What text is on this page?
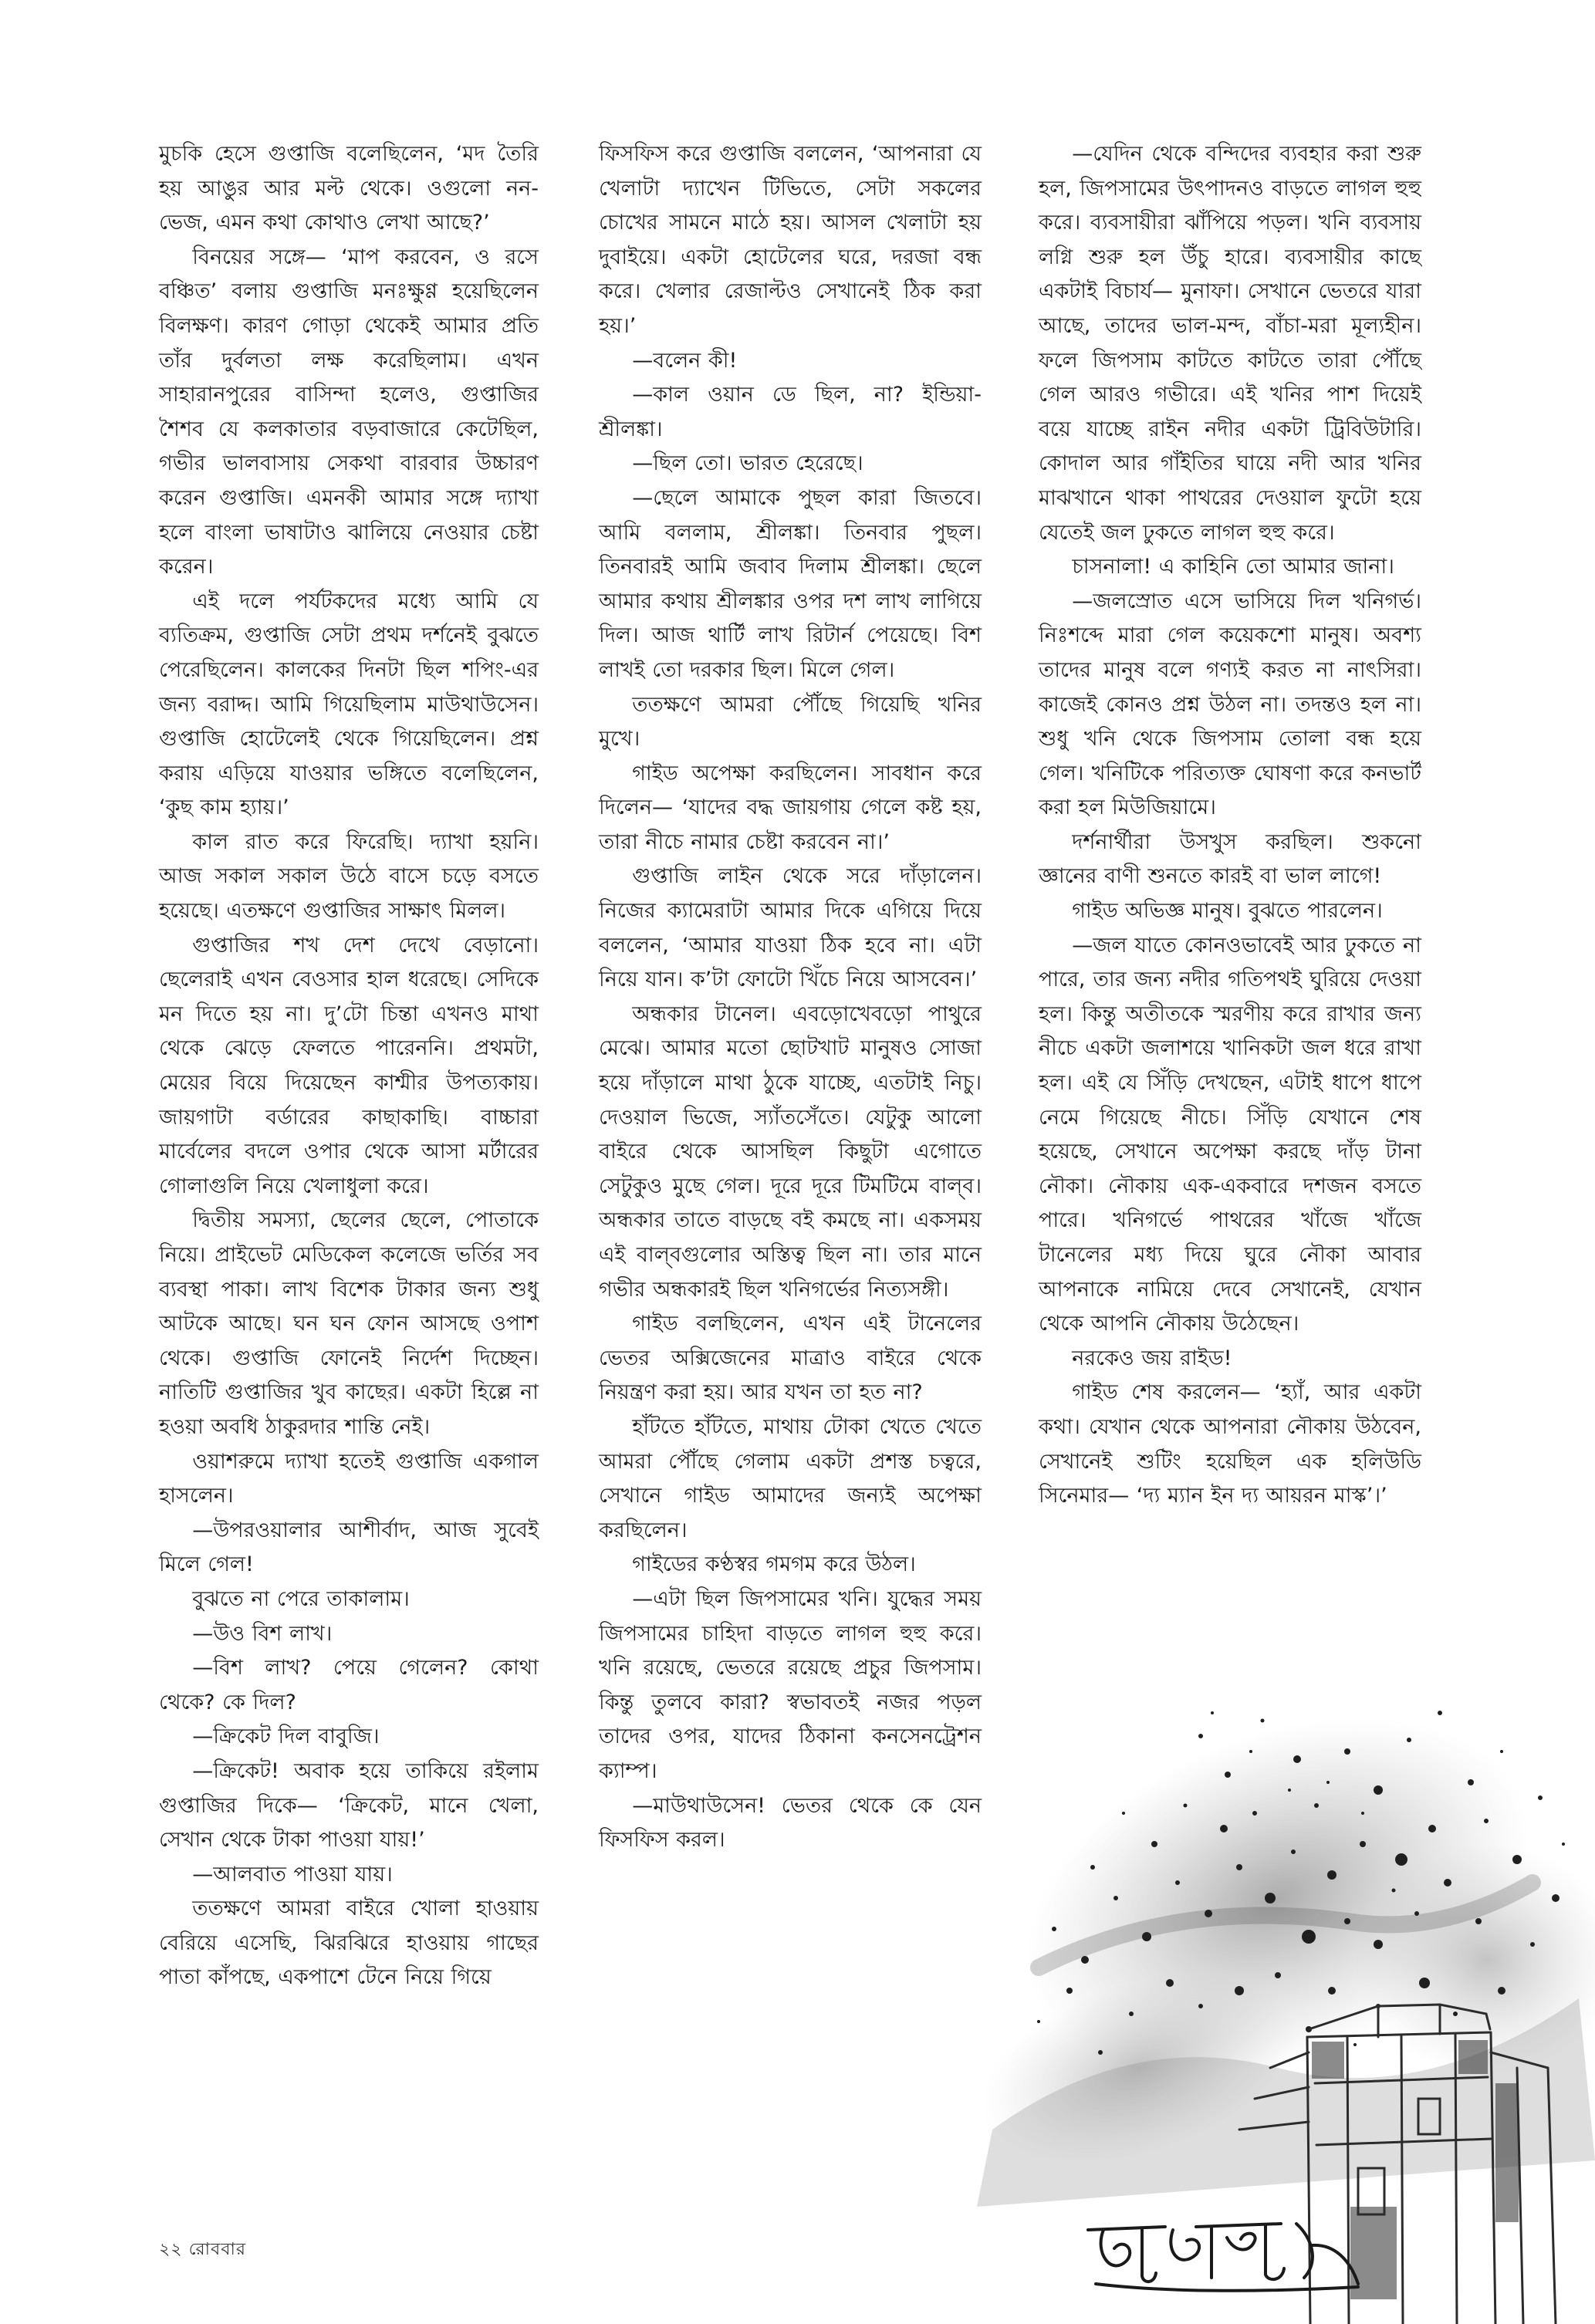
মুচকি হেসে গুপ্তাজি বলেছিলেন, ‘মদ তৈরি হয় আঙুর আর মল্ট থেকে। ওগুলো নন-ভেজ, এমন কথা কোথাও লেখা আছে?’

বিনয়ের সঙ্গে— ‘মাপ করবেন, ও রসে বঞ্চিত’ বলায় গুপ্তাজি মনঃক্ষুণ্ণ হয়েছিলেন বিলক্ষণ। কারণ গোড়া থেকেই আমার প্রতি তাঁর দুর্বলতা লক্ষ করেছিলাম। এখন সাহারানপুরের বাসিন্দা হলেও, গুপ্তাজির শৈশব যে কলকাতার বড়বাজারে কেটেছিল, গভীর ভালবাসায় সেকথা বারবার উচ্চারণ করেন গুপ্তাজি। এমনকী আমার সঙ্গে দ্যাখা হলে বাংলা ভাষাটাও ঝালিয়ে নেওয়ার চেষ্টা করেন।

এই দলে পর্যটকদের মধ্যে আমি যে ব্যতিক্রম, গুপ্তাজি সেটা প্রথম দর্শনেই বুঝতে পেরেছিলেন। কালকের দিনটা ছিল শপিং-এর জন্য বরাদ্দ। আমি গিয়েছিলাম মাউথাউসেন। গুপ্তাজি হোটেলেই থেকে গিয়েছিলেন। প্রশ্ন করায় এড়িয়ে যাওয়ার ভঙ্গিতে বলেছিলেন, ‘কুছ কাম হ্যায়।’

কাল রাত করে ফিরেছি। দ্যাখা হয়নি। আজ সকাল সকাল উঠে বাসে চড়ে বসতে হয়েছে। এতক্ষণে গুপ্তাজির সাক্ষাৎ মিলল।

গুপ্তাজির শখ দেশ দেখে বেড়ানো। ছেলেরাই এখন বেওসার হাল ধরেছে। সেদিকে মন দিতে হয় না। দু’টো চিন্তা এখনও মাথা থেকে ঝেড়ে ফেলতে পারেননি। প্রথমটা, মেয়ের বিয়ে দিয়েছেন কাশ্মীর উপত্যকায়। জায়গাটা বর্ডারের কাছাকাছি। বাচ্চারা মার্বেলের বদলে ওপার থেকে আসা মর্টারের গোলাগুলি নিয়ে খেলাধুলা করে।

দ্বিতীয় সমস্যা, ছেলের ছেলে, পোতাকে নিয়ে। প্রাইভেট মেডিকেল কলেজে ভর্তির সব ব্যবস্থা পাকা। লাখ বিশেক টাকার জন্য শুধু আটকে আছে। ঘন ঘন ফোন আসছে ওপাশ থেকে। গুপ্তাজি ফোনেই নির্দেশ দিচ্ছেন। নাতিটি গুপ্তাজির খুব কাছের। একটা হিল্লে না হওয়া অবধি ঠাকুরদার শান্তি নেই।

ওয়াশরুমে দ্যাখা হতেই গুপ্তাজি একগাল হাসলেন।

—উপরওয়ালার আশীর্বাদ, আজ সুবেই মিলে গেল!

বুঝতে না পেরে তাকালাম।

—উও বিশ লাখ।

—বিশ লাখ? পেয়ে গেলেন? কোথা থেকে? কে দিল?

—ক্রিকেট দিল বাবুজি।

—ক্রিকেট! অবাক হয়ে তাকিয়ে রইলাম গুপ্তাজির দিকে— ‘ক্রিকেট, মানে খেলা, সেখান থেকে টাকা পাওয়া যায়!’

—আলবাত পাওয়া যায়।

ততক্ষণে আমরা বাইরে খোলা হাওয়ায় বেরিয়ে এসেছি, ঝিরঝিরে হাওয়ায় গাছের পাতা কাঁপছে, একপাশে টেনে নিয়ে গিয়ে

ফিসফিস করে গুপ্তাজি বললেন, ‘আপনারা যে খেলাটা দ্যাখেন টিভিতে, সেটা সকলের চোখের সামনে মাঠে হয়। আসল খেলাটা হয় দুবাইয়ে। একটা হোটেলের ঘরে, দরজা বন্ধ করে। খেলার রেজাল্টও সেখানেই ঠিক করা হয়।’

—বলেন কী!

—কাল ওয়ান ডে ছিল, না? ইন্ডিয়া-শ্রীলঙ্কা।

—ছিল তো। ভারত হেরেছে।

—ছেলে আমাকে পুছল কারা জিতবে। আমি বললাম, শ্রীলঙ্কা। তিনবার পুছল। তিনবারই আমি জবাব দিলাম শ্রীলঙ্কা। ছেলে আমার কথায় শ্রীলঙ্কার ওপর দশ লাখ লাগিয়ে দিল। আজ থার্টি লাখ রিটার্ন পেয়েছে। বিশ লাখই তো দরকার ছিল। মিলে গেল।

ততক্ষণে আমরা পৌঁছে গিয়েছি খনির মুখে।

গাইড অপেক্ষা করছিলেন। সাবধান করে দিলেন— ‘যাদের বদ্ধ জায়গায় গেলে কষ্ট হয়, তারা নীচে নামার চেষ্টা করবেন না।’

গুপ্তাজি লাইন থেকে সরে দাঁড়ালেন। নিজের ক্যামেরাটা আমার দিকে এগিয়ে দিয়ে বললেন, ‘আমার যাওয়া ঠিক হবে না। এটা নিয়ে যান। ক’টা ফোটো খিঁচে নিয়ে আসবেন।’

অন্ধকার টানেল। এবড়োখেবড়ো পাথুরে মেঝে। আমার মতো ছোটখাট মানুষও সোজা হয়ে দাঁড়ালে মাথা ঠুকে যাচ্ছে, এতটাই নিচু। দেওয়াল ভিজে, স্যাঁতসেঁতে। যেটুকু আলো বাইরে থেকে আসছিল কিছুটা এগোতে সেটুকুও মুছে গেল। দূরে দূরে টিমটিমে বাল্‌ব। অন্ধকার তাতে বাড়ছে বই কমছে না। একসময় এই বাল্‌বগুলোর অস্তিত্ব ছিল না। তার মানে গভীর অন্ধকারই ছিল খনিগর্ভের নিত্যসঙ্গী।

গাইড বলছিলেন, এখন এই টানেলের ভেতর অক্সিজেনের মাত্রাও বাইরে থেকে নিয়ন্ত্রণ করা হয়। আর যখন তা হত না?

হাঁটতে হাঁটতে, মাথায় টোকা খেতে খেতে আমরা পৌঁছে গেলাম একটা প্রশস্ত চত্বরে, সেখানে গাইড আমাদের জন্যই অপেক্ষা করছিলেন।

গাইডের কণ্ঠস্বর গমগম করে উঠল।

—এটা ছিল জিপসামের খনি। যুদ্ধের সময় জিপসামের চাহিদা বাড়তে লাগল হুহু করে। খনি রয়েছে, ভেতরে রয়েছে প্রচুর জিপসাম। কিন্তু তুলবে কারা? স্বভাবতই নজর পড়ল তাদের ওপর, যাদের ঠিকানা কনসেনট্রেশন ক্যাম্প।

—মাউথাউসেন! ভেতর থেকে কে যেন ফিসফিস করল।

—যেদিন থেকে বন্দিদের ব্যবহার করা শুরু হল, জিপসামের উৎপাদনও বাড়তে লাগল হুহু করে। ব্যবসায়ীরা ঝাঁপিয়ে পড়ল। খনি ব্যবসায় লগ্নি শুরু হল উঁচু হারে। ব্যবসায়ীর কাছে একটাই বিচার্য— মুনাফা। সেখানে ভেতরে যারা আছে, তাদের ভাল-মন্দ, বাঁচা-মরা মূল্যহীন। ফলে জিপসাম কাটতে কাটতে তারা পৌঁছে গেল আরও গভীরে। এই খনির পাশ দিয়েই বয়ে যাচ্ছে রাইন নদীর একটা ট্রিবিউটারি। কোদাল আর গাঁইতির ঘায়ে নদী আর খনির মাঝখানে থাকা পাথরের দেওয়াল ফুটো হয়ে যেতেই জল ঢুকতে লাগল হুহু করে।

চাসনালা! এ কাহিনি তো আমার জানা।

—জলস্রোত এসে ভাসিয়ে দিল খনিগর্ভ। নিঃশব্দে মারা গেল কয়েকশো মানুষ। অবশ্য তাদের মানুষ বলে গণ্যই করত না নাৎসিরা। কাজেই কোনও প্রশ্ন উঠল না। তদন্তও হল না। শুধু খনি থেকে জিপসাম তোলা বন্ধ হয়ে গেল। খনিটিকে পরিত্যক্ত ঘোষণা করে কনভার্ট করা হল মিউজিয়ামে।

দর্শনার্থীরা উসখুস করছিল। শুকনো জ্ঞানের বাণী শুনতে কারই বা ভাল লাগে!

গাইড অভিজ্ঞ মানুষ। বুঝতে পারলেন।

—জল যাতে কোনওভাবেই আর ঢুকতে না পারে, তার জন্য নদীর গতিপথই ঘুরিয়ে দেওয়া হল। কিন্তু অতীতকে স্মরণীয় করে রাখার জন্য নীচে একটা জলাশয়ে খানিকটা জল ধরে রাখা হল। এই যে সিঁড়ি দেখছেন, এটাই ধাপে ধাপে নেমে গিয়েছে নীচে। সিঁড়ি যেখানে শেষ হয়েছে, সেখানে অপেক্ষা করছে দাঁড় টানা নৌকা। নৌকায় এক-একবারে দশজন বসতে পারে। খনিগর্ভে পাথরের খাঁজে খাঁজে টানেলের মধ্য দিয়ে ঘুরে নৌকা আবার আপনাকে নামিয়ে দেবে সেখানেই, যেখান থেকে আপনি নৌকায় উঠেছেন।

নরকেও জয় রাইড!

গাইড শেষ করলেন— ‘হ্যাঁ, আর একটা কথা। যেখান থেকে আপনারা নৌকায় উঠবেন, সেখানেই শুটিং হয়েছিল এক হলিউডি সিনেমার— ‘দ্য ম্যান ইন দ্য আয়রন মাস্ক’।’

২২ রোববার
